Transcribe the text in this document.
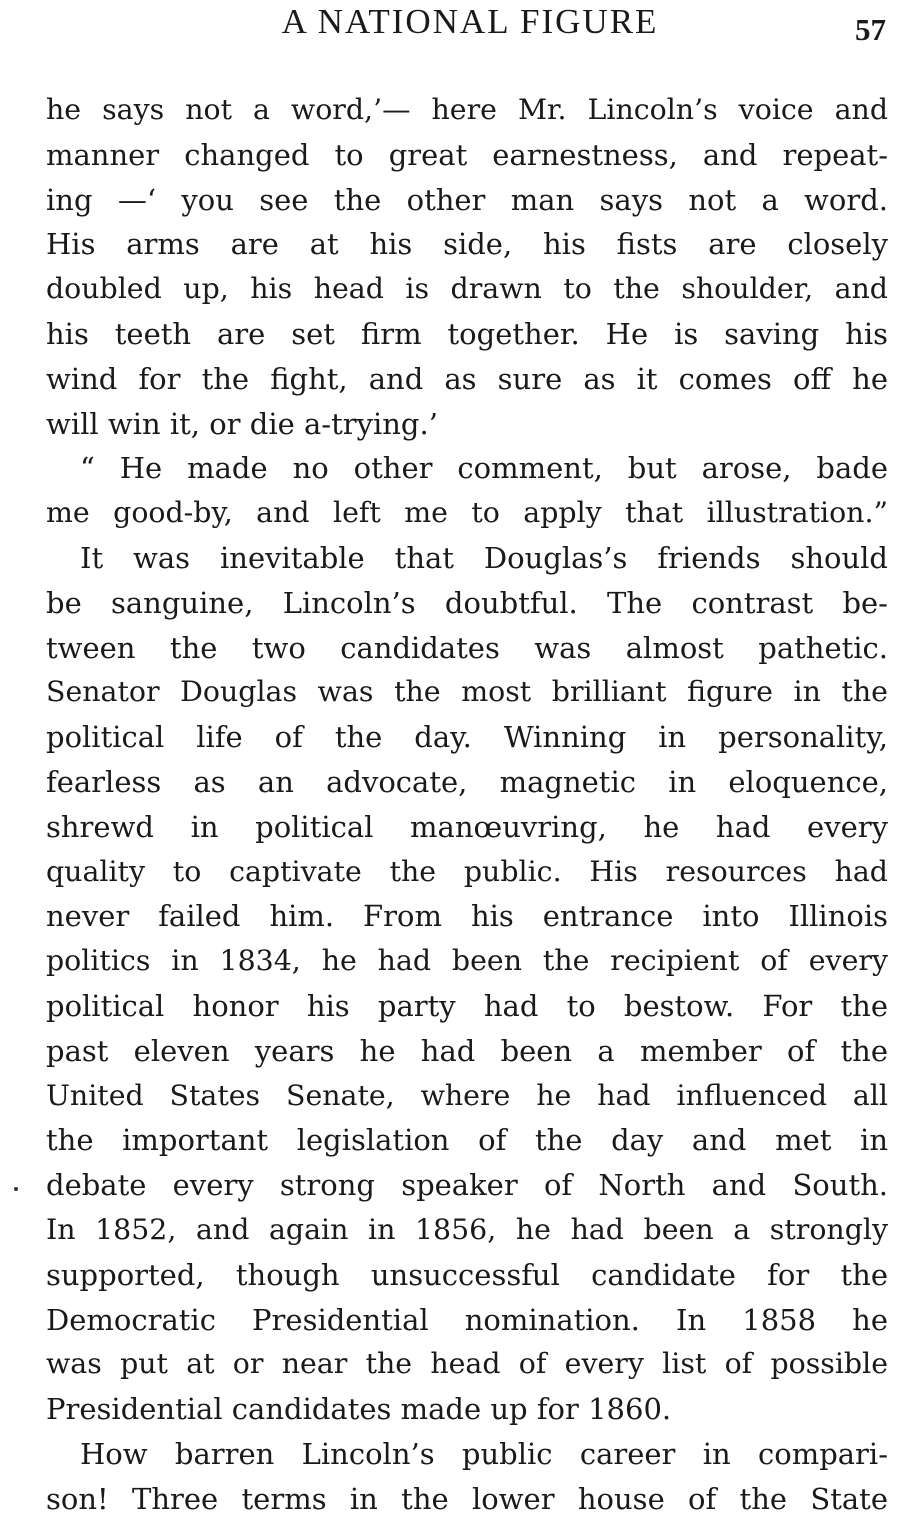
A NATIONAL FIGURE	57
he says not a word,’— here Mr. Lincoln’s voice and
manner changed to great earnestness, and repeat-
ing —‘ you see the other man says not a word.
His arms are at his side, his fists are closely
doubled up, his head is drawn to the shoulder, and
his teeth are set firm together. He is saving his
wind for the fight, and as sure as it comes off he
will win it, or die a-trying.’
“ He made no other comment, but arose, bade
me good-by, and left me to apply that illustration.”
It was inevitable that Douglas’s friends should
be sanguine, Lincoln’s doubtful. The contrast be-
tween the two candidates was almost pathetic.
Senator Douglas was the most brilliant figure in the
political life of the day. Winning in personality,
fearless as an advocate, magnetic in eloquence,
shrewd in political manœuvring, he had every
quality to captivate the public. His resources had
never failed him. From his entrance into Illinois
politics in 1834, he had been the recipient of every
political honor his party had to bestow. For the
past eleven years he had been a member of the
United States Senate, where he had influenced all
the important legislation of the day and met in
debate every strong speaker of North and South.
In 1852, and again in 1856, he had been a strongly
supported, though unsuccessful candidate for the
Democratic Presidential nomination. In 1858 he
was put at or near the head of every list of possible
Presidential candidates made up for 1860.
How barren Lincoln’s public career in compari-
son! Three terms in the lower house of the State
